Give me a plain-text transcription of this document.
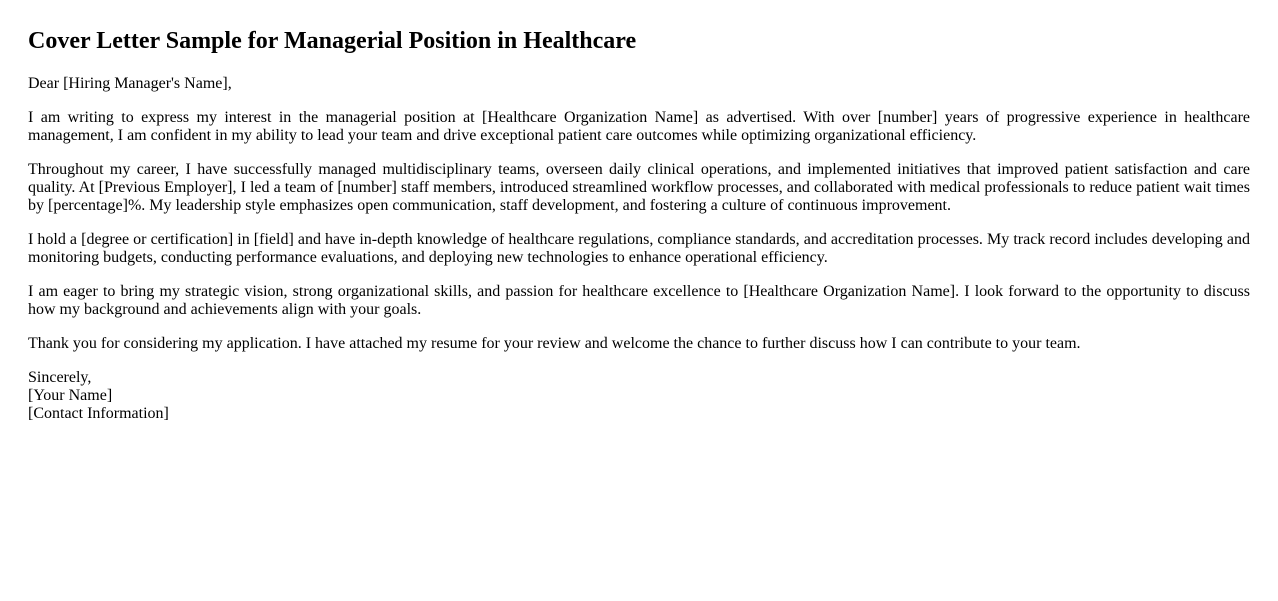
Cover Letter Sample for Managerial Position in Healthcare

Dear [Hiring Manager's Name],

I am writing to express my interest in the managerial position at [Healthcare Organization Name] as advertised. With over [number] years of progressive experience in healthcare management, I am confident in my ability to lead your team and drive exceptional patient care outcomes while optimizing organizational efficiency.

Throughout my career, I have successfully managed multidisciplinary teams, overseen daily clinical operations, and implemented initiatives that improved patient satisfaction and care quality. At [Previous Employer], I led a team of [number] staff members, introduced streamlined workflow processes, and collaborated with medical professionals to reduce patient wait times by [percentage]%. My leadership style emphasizes open communication, staff development, and fostering a culture of continuous improvement.

I hold a [degree or certification] in [field] and have in-depth knowledge of healthcare regulations, compliance standards, and accreditation processes. My track record includes developing and monitoring budgets, conducting performance evaluations, and deploying new technologies to enhance operational efficiency.

I am eager to bring my strategic vision, strong organizational skills, and passion for healthcare excellence to [Healthcare Organization Name]. I look forward to the opportunity to discuss how my background and achievements align with your goals.

Thank you for considering my application. I have attached my resume for your review and welcome the chance to further discuss how I can contribute to your team.

Sincerely,
[Your Name]
[Contact Information]
